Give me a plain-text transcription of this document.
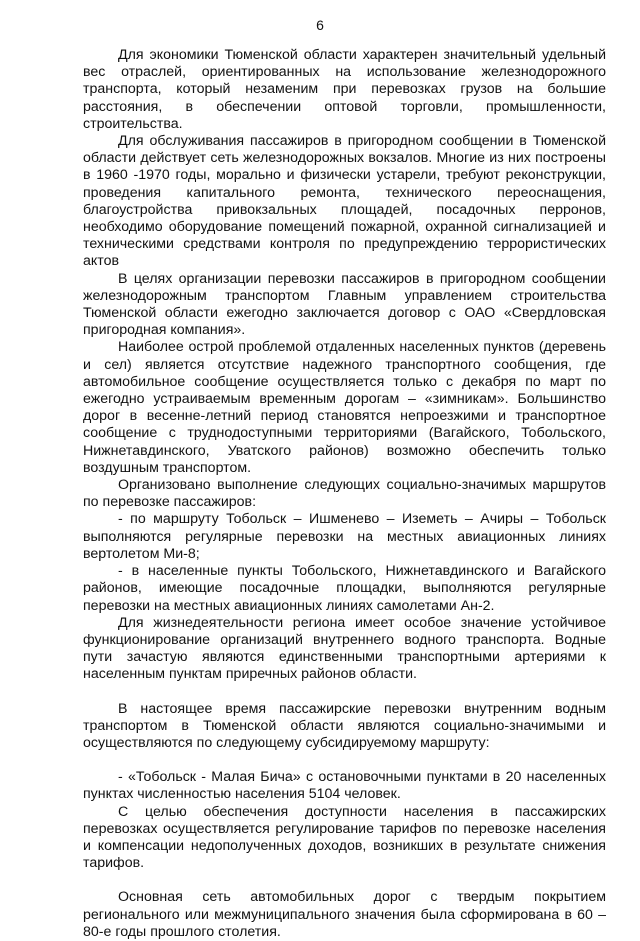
6

Для экономики Тюменской области характерен значительный удельный вес отраслей, ориентированных на использование железнодорожного транспорта, который незаменим при перевозках грузов на большие расстояния, в обеспечении оптовой торговли, промышленности, строительства.

Для обслуживания пассажиров в пригородном сообщении в Тюменской области действует сеть железнодорожных вокзалов. Многие из них построены в 1960 -1970 годы, морально и физически устарели, требуют реконструкции, проведения капитального ремонта, технического переоснащения, благоустройства привокзальных площадей, посадочных перронов, необходимо оборудование помещений пожарной, охранной сигнализацией и техническими средствами контроля по предупреждению террористических актов

В целях организации перевозки пассажиров в пригородном сообщении железнодорожным транспортом Главным управлением строительства Тюменской области ежегодно заключается договор с ОАО «Свердловская пригородная компания».

Наиболее острой проблемой отдаленных населенных пунктов (деревень и сел) является отсутствие надежного транспортного сообщения, где автомобильное сообщение осуществляется только с декабря по март по ежегодно устраиваемым временным дорогам – «зимникам». Большинство дорог в весенне-летний период становятся непроезжими и транспортное сообщение с труднодоступными территориями (Вагайского, Тобольского, Нижнетавдинского, Уватского районов) возможно обеспечить только воздушным транспортом.

Организовано выполнение следующих социально-значимых маршрутов по перевозке пассажиров:

- по маршруту Тобольск – Ишменево – Иземеть – Ачиры – Тобольск выполняются регулярные перевозки на местных авиационных линиях вертолетом Ми-8;

- в населенные пункты Тобольского, Нижнетавдинского и Вагайского районов, имеющие посадочные площадки, выполняются регулярные перевозки на местных авиационных линиях самолетами Ан-2.

Для жизнедеятельности региона имеет особое значение устойчивое функционирование организаций внутреннего водного транспорта. Водные пути зачастую являются единственными транспортными артериями к населенным пунктам приречных районов области.

В настоящее время пассажирские перевозки внутренним водным транспортом в Тюменской области являются социально-значимыми и осуществляются по следующему субсидируемому маршруту:

- «Тобольск - Малая Бича» с остановочными пунктами в 20 населенных пунктах численностью населения 5104 человек.

С целью обеспечения доступности населения в пассажирских перевозках осуществляется регулирование тарифов по перевозке населения и компенсации недополученных доходов, возникших в результате снижения тарифов.

Основная сеть автомобильных дорог с твердым покрытием регионального или межмуниципального значения была сформирована в 60 – 80-е годы прошлого столетия.
